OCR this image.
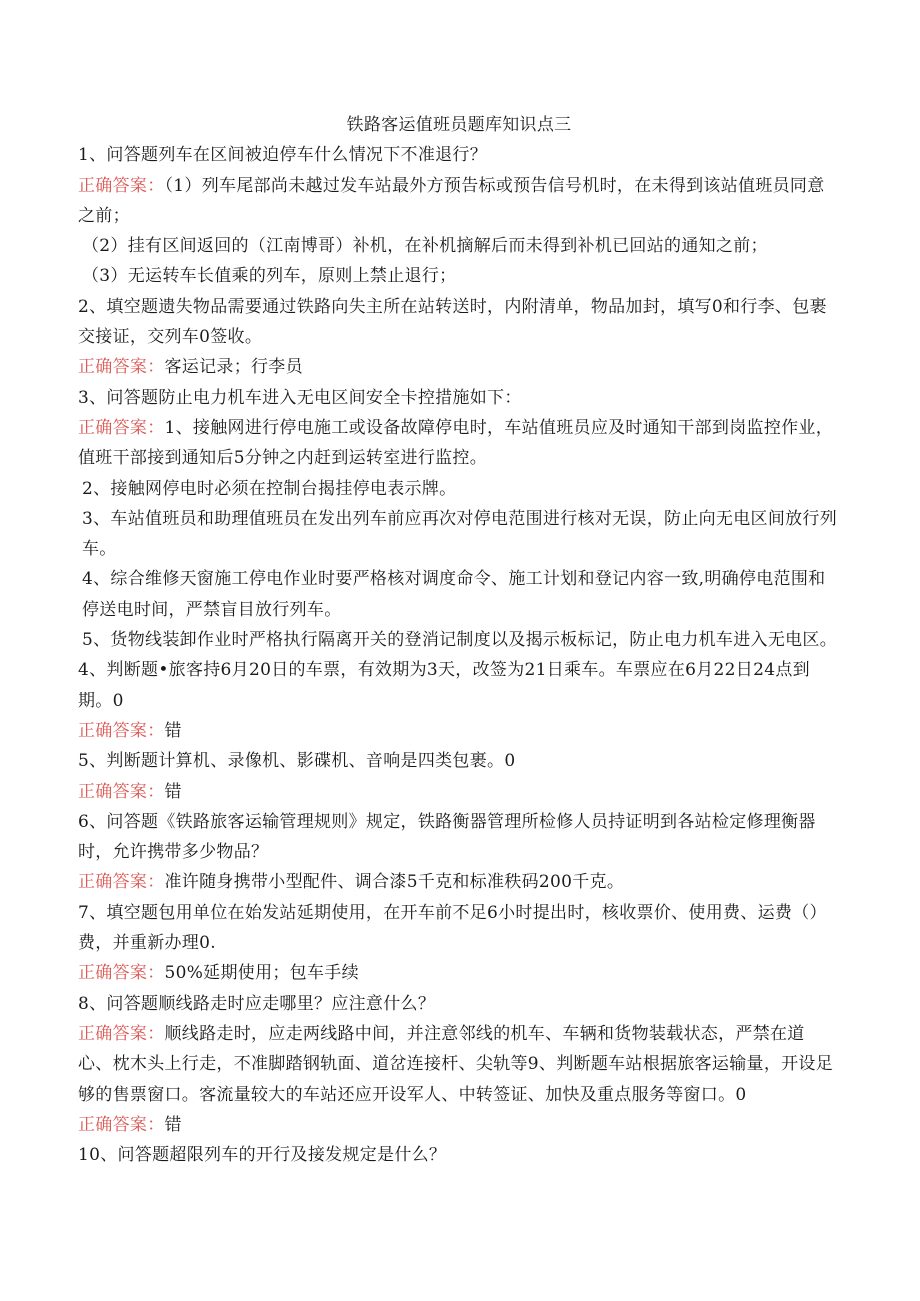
铁路客运值班员题库知识点三

1、问答题列车在区间被迫停车什么情况下不准退行？

正确答案：（1）列车尾部尚未越过发车站最外方预告标或预告信号机时，在未得到该站值班员同意之前；

（2）挂有区间返回的（江南博哥）补机，在补机摘解后而未得到补机已回站的通知之前；

（3）无运转车长值乘的列车，原则上禁止退行；

2、填空题遗失物品需要通过铁路向失主所在站转送时，内附清单，物品加封，填写0和行李、包裹交接证，交列车0签收。

正确答案：客运记录；行李员

3、问答题防止电力机车进入无电区间安全卡控措施如下：

正确答案：1、接触网进行停电施工或设备故障停电时，车站值班员应及时通知干部到岗监控作业，值班干部接到通知后5分钟之内赶到运转室进行监控。

2、接触网停电时必须在控制台揭挂停电表示牌。

3、车站值班员和助理值班员在发出列车前应再次对停电范围进行核对无误，防止向无电区间放行列车。

4、综合维修天窗施工停电作业时要严格核对调度命令、施工计划和登记内容一致,明确停电范围和停送电时间，严禁盲目放行列车。

5、货物线装卸作业时严格执行隔离开关的登消记制度以及揭示板标记，防止电力机车进入无电区。

4、判断题•旅客持6月20日的车票，有效期为3天，改签为21日乘车。车票应在6月22日24点到期。0

正确答案：错

5、判断题计算机、录像机、影碟机、音响是四类包裹。0

正确答案：错

6、问答题《铁路旅客运输管理规则》规定，铁路衡器管理所检修人员持证明到各站检定修理衡器时，允许携带多少物品？

正确答案：准许随身携带小型配件、调合漆5千克和标准秩码200千克。

7、填空题包用单位在始发站延期使用，在开车前不足6小时提出时，核收票价、使用费、运费（）费，并重新办理0.

正确答案：50%延期使用；包车手续

8、问答题顺线路走时应走哪里？应注意什么？

正确答案：顺线路走时，应走两线路中间，并注意邻线的机车、车辆和货物装载状态，严禁在道心、枕木头上行走，不准脚踏钢轨面、道岔连接杆、尖轨等9、判断题车站根据旅客运输量，开设足够的售票窗口。客流量较大的车站还应开设军人、中转签证、加快及重点服务等窗口。0

正确答案：错

10、问答题超限列车的开行及接发规定是什么？
